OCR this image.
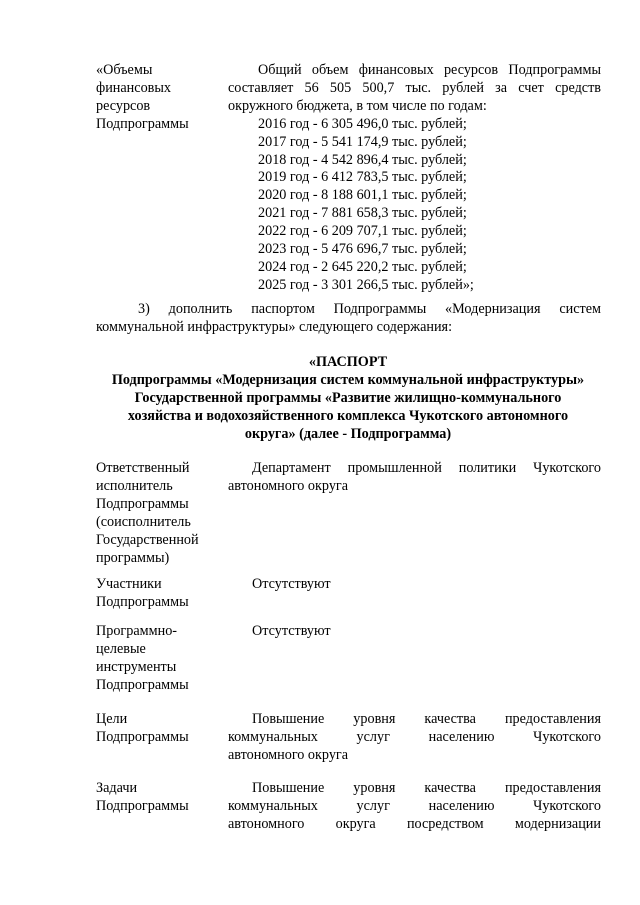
«Объемы
финансовых
ресурсов
Подпрограммы
Общий объем финансовых ресурсов Подпрограммы
составляет 56 505 500,7 тыс. рублей за счет средств
окружного бюджета, в том числе по годам:
2016 год - 6 305 496,0 тыс. рублей;
2017 год - 5 541 174,9 тыс. рублей;
2018 год - 4 542 896,4 тыс. рублей;
2019 год - 6 412 783,5 тыс. рублей;
2020 год - 8 188 601,1 тыс. рублей;
2021 год - 7 881 658,3 тыс. рублей;
2022 год - 6 209 707,1 тыс. рублей;
2023 год - 5 476 696,7 тыс. рублей;
2024 год - 2 645 220,2 тыс. рублей;
2025 год - 3 301 266,5 тыс. рублей»;
3) дополнить паспортом Подпрограммы «Модернизация систем
коммунальной инфраструктуры» следующего содержания:
«ПАСПОРТ
Подпрограммы «Модернизация систем коммунальной инфраструктуры»
Государственной программы «Развитие жилищно-коммунального
хозяйства и водохозяйственного комплекса Чукотского автономного
округа» (далее - Подпрограмма)
Ответственный
исполнитель
Подпрограммы
(соисполнитель
Государственной
программы)
Департамент промышленной политики Чукотского
автономного округа
Участники
Подпрограммы
Отсутствуют
Программно-
целевые
инструменты
Подпрограммы
Отсутствуют
Цели
Подпрограммы
Повышение уровня качества предоставления
коммунальных услуг населению Чукотского
автономного округа
Задачи
Подпрограммы
Повышение уровня качества предоставления
коммунальных услуг населению Чукотского
автономного округа посредством модернизации
